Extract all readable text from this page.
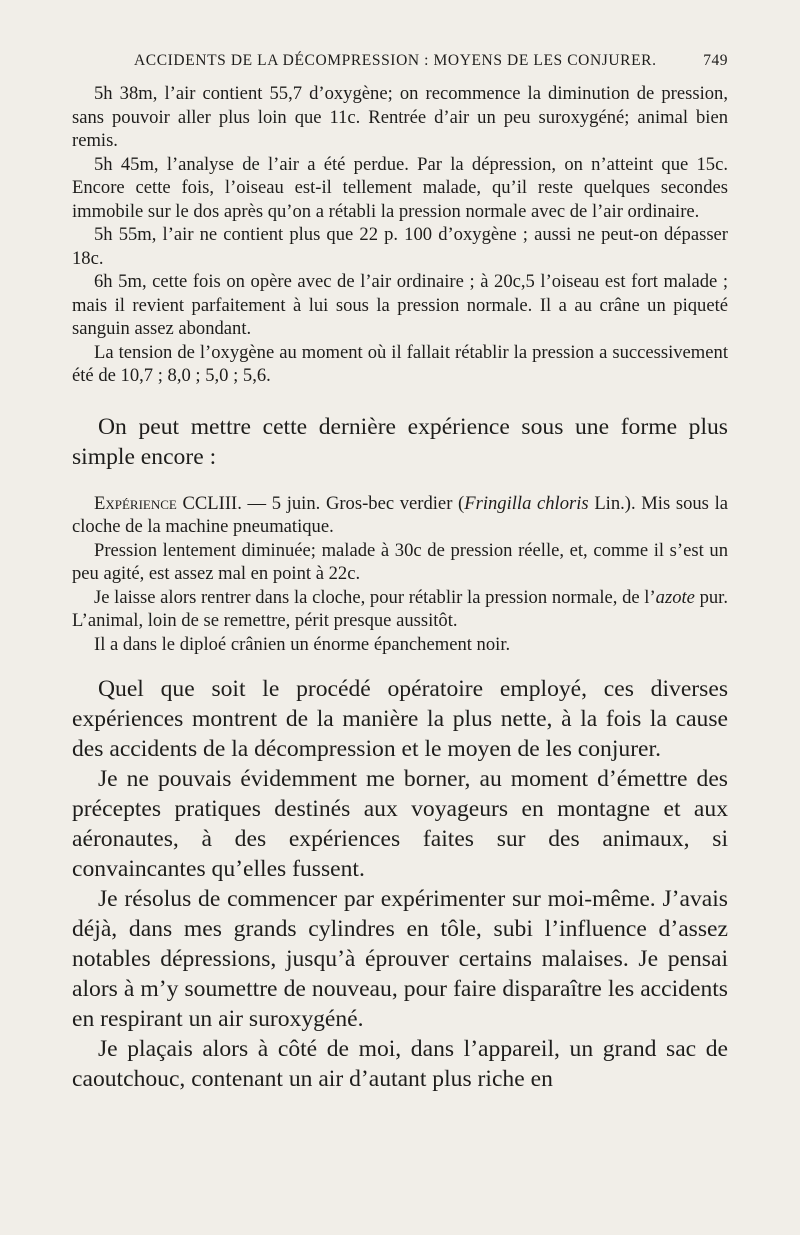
ACCIDENTS DE LA DÉCOMPRESSION : MOYENS DE LES CONJURER.	749

5h 38m, l’air contient 55,7 d’oxygène; on recommence la diminution de pression, sans pouvoir aller plus loin que 11c. Rentrée d’air un peu suroxygéné; animal bien remis.

5h 45m, l’analyse de l’air a été perdue. Par la dépression, on n’atteint que 15c. Encore cette fois, l’oiseau est-il tellement malade, qu’il reste quelques secondes immobile sur le dos après qu’on a rétabli la pression normale avec de l’air ordinaire.

5h 55m, l’air ne contient plus que 22 p. 100 d’oxygène ; aussi ne peut-on dépasser 18c.

6h 5m, cette fois on opère avec de l’air ordinaire ; à 20c,5 l’oiseau est fort malade ; mais il revient parfaitement à lui sous la pression normale. Il a au crâne un piqueté sanguin assez abondant.

La tension de l’oxygène au moment où il fallait rétablir la pression a successivement été de 10,7 ; 8,0 ; 5,0 ; 5,6.

On peut mettre cette dernière expérience sous une forme plus simple encore :

Expérience CCLIII. — 5 juin. Gros-bec verdier (Fringilla chloris Lin.). Mis sous la cloche de la machine pneumatique.

Pression lentement diminuée; malade à 30c de pression réelle, et, comme il s’est un peu agité, est assez mal en point à 22c.

Je laisse alors rentrer dans la cloche, pour rétablir la pression normale, de l’azote pur. L’animal, loin de se remettre, périt presque aussitôt.

Il a dans le diploé crânien un énorme épanchement noir.

Quel que soit le procédé opératoire employé, ces diverses expériences montrent de la manière la plus nette, à la fois la cause des accidents de la décompression et le moyen de les conjurer.

Je ne pouvais évidemment me borner, au moment d’émettre des préceptes pratiques destinés aux voyageurs en montagne et aux aéronautes, à des expériences faites sur des animaux, si convaincantes qu’elles fussent.

Je résolus de commencer par expérimenter sur moi-même. J’avais déjà, dans mes grands cylindres en tôle, subi l’influence d’assez notables dépressions, jusqu’à éprouver certains malaises. Je pensai alors à m’y soumettre de nouveau, pour faire disparaître les accidents en respirant un air suroxygéné.

Je plaçais alors à côté de moi, dans l’appareil, un grand sac de caoutchouc, contenant un air d’autant plus riche en
